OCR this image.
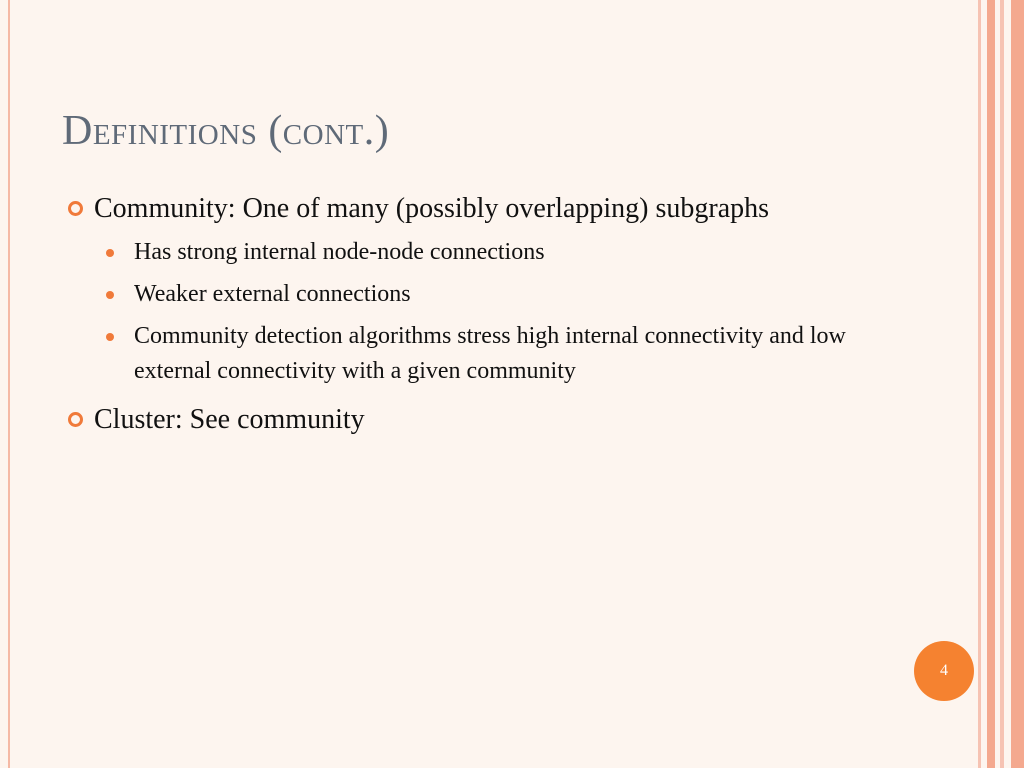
Definitions (cont.)
Community: One of many (possibly overlapping) subgraphs
Has strong internal node-node connections
Weaker external connections
Community detection algorithms stress high internal connectivity and low external connectivity with a given community
Cluster: See community
4
